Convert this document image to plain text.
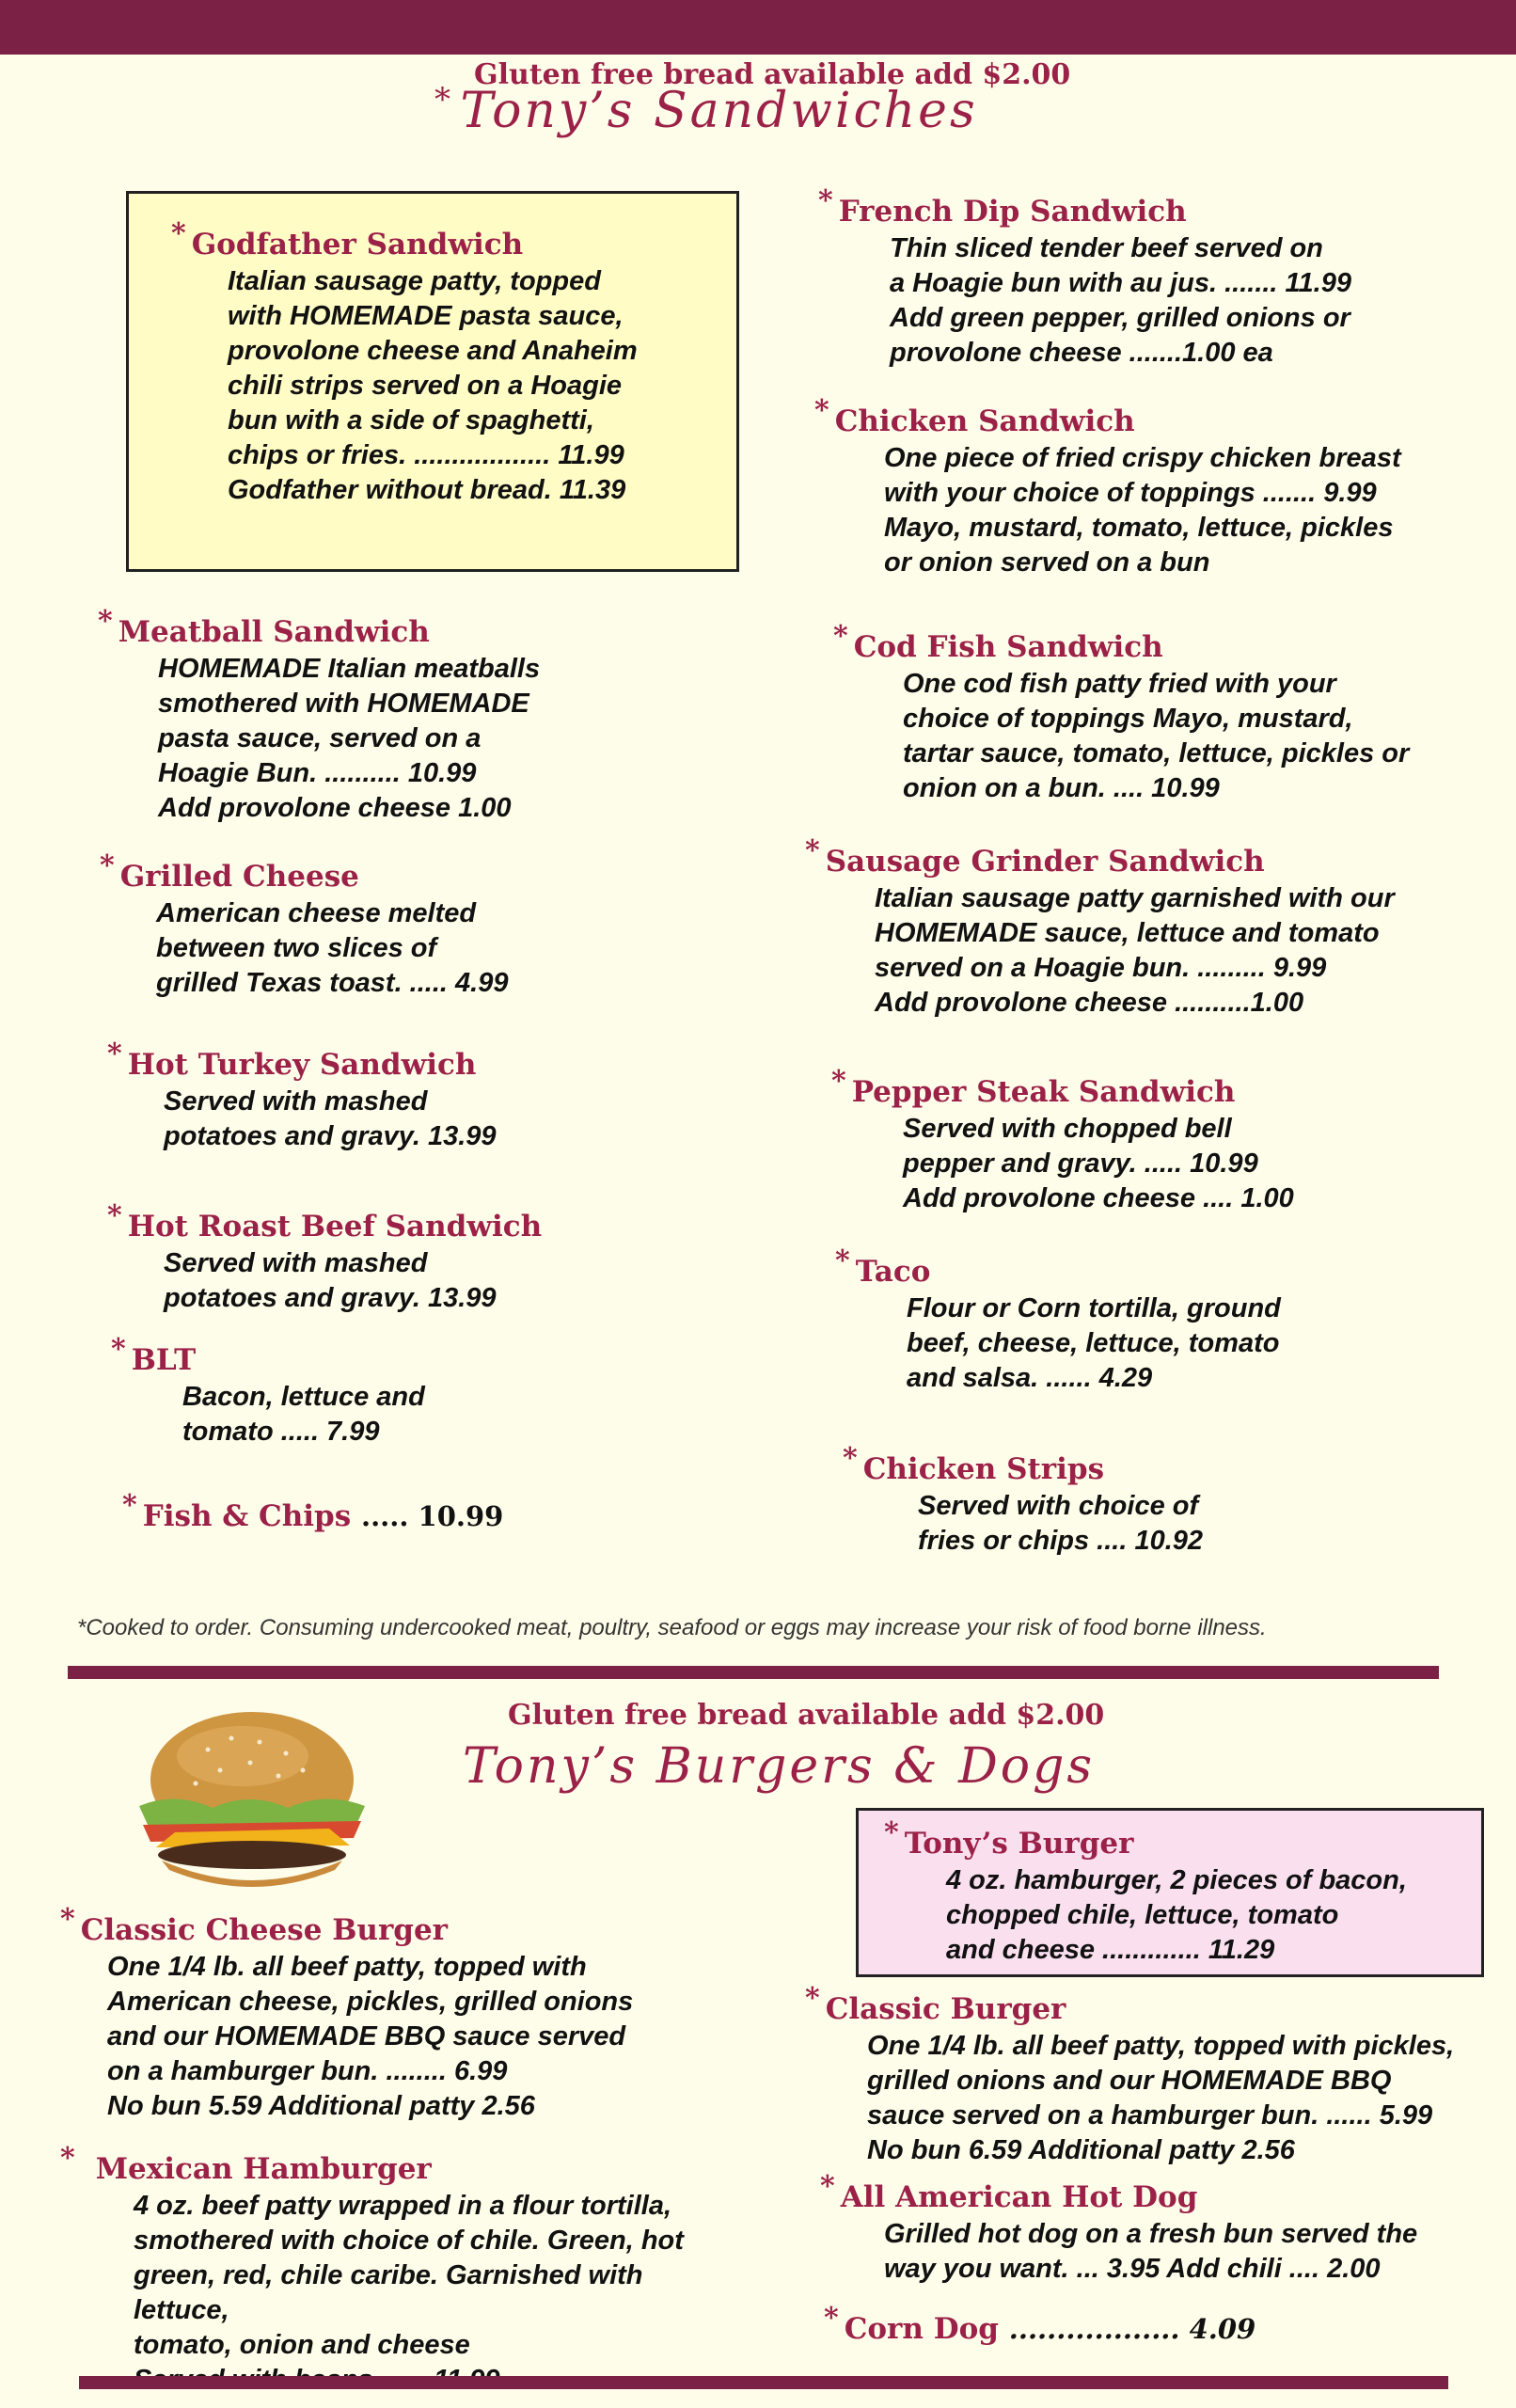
Gluten free bread available add $2.00
* Tony’s Sandwiches
* Godfather Sandwich
Italian sausage patty, topped
with HOMEMADE pasta sauce,
provolone cheese and Anaheim
chili strips served on a Hoagie
bun with a side of spaghetti,
chips or fries. .................. 11.99
Godfather without bread. 11.39
* Meatball Sandwich
HOMEMADE Italian meatballs
smothered with HOMEMADE
pasta sauce, served on a
Hoagie Bun. .......... 10.99
Add provolone cheese 1.00
* Grilled Cheese
American cheese melted
between two slices of
grilled Texas toast. ..... 4.99
* Hot Turkey Sandwich
Served with mashed
potatoes and gravy. 13.99
* Hot Roast Beef Sandwich
Served with mashed
potatoes and gravy. 13.99
* BLT
Bacon, lettuce and
tomato ..... 7.99
* Fish & Chips ..... 10.99
* French Dip Sandwich
Thin sliced tender beef served on
a Hoagie bun with au jus. ....... 11.99
Add green pepper, grilled onions or
provolone cheese .......1.00 ea
* Chicken Sandwich
One piece of fried crispy chicken breast
with your choice of toppings ....... 9.99
Mayo, mustard, tomato, lettuce, pickles
or onion served on a bun
* Cod Fish Sandwich
One cod fish patty fried with your
choice of toppings Mayo, mustard,
tartar sauce, tomato, lettuce, pickles or
onion on a bun. .... 10.99
* Sausage Grinder Sandwich
Italian sausage patty garnished with our
HOMEMADE sauce, lettuce and tomato
served on a Hoagie bun. ......... 9.99
Add provolone cheese ..........1.00
* Pepper Steak Sandwich
Served with chopped bell
pepper and gravy. ..... 10.99
Add provolone cheese .... 1.00
* Taco
Flour or Corn tortilla, ground
beef, cheese, lettuce, tomato
and salsa. ...... 4.29
* Chicken Strips
Served with choice of
fries or chips .... 10.92
*Cooked to order. Consuming undercooked meat, poultry, seafood or eggs may increase your risk of food borne illness.
Gluten free bread available add $2.00
Tony’s Burgers & Dogs
* Tony’s Burger
4 oz. hamburger, 2 pieces of bacon,
chopped chile, lettuce, tomato
and cheese ............. 11.29
* Classic Cheese Burger
One 1/4 lb. all beef patty, topped with
American cheese, pickles, grilled onions
and our HOMEMADE BBQ sauce served
on a hamburger bun. ........ 6.99
No bun 5.59 Additional patty 2.56
* Mexican Hamburger
4 oz. beef patty wrapped in a flour tortilla,
smothered with choice of chile. Green, hot
green, red, chile caribe. Garnished with lettuce,
tomato, onion and cheese

* Classic Burger
One 1/4 lb. all beef patty, topped with pickles,
grilled onions and our HOMEMADE BBQ
sauce served on a hamburger bun. ...... 5.99
No bun 6.59 Additional patty 2.56
* All American Hot Dog
Grilled hot dog on a fresh bun served the
way you want. ... 3.95 Add chili .... 2.00
* Corn Dog .................. 4.09
